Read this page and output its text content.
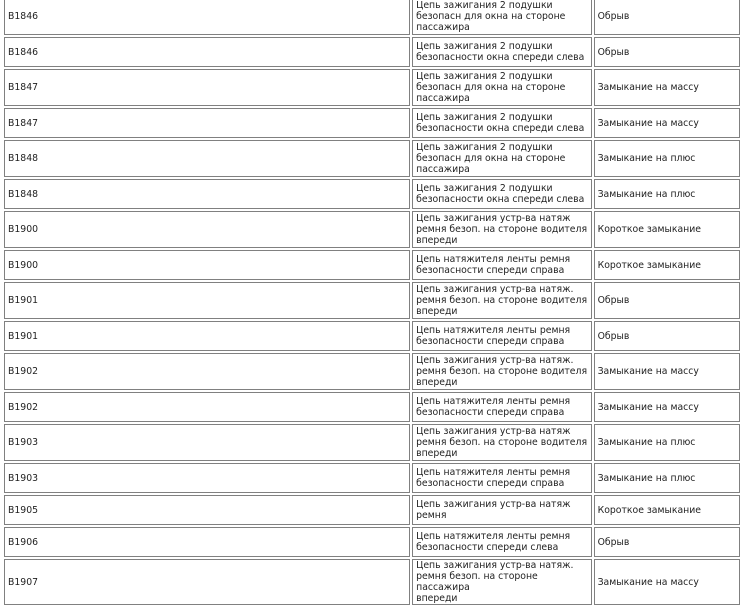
B1846	Цепь зажигания 2 подушки
безопасн для окна на стороне
пассажира	Обрыв
B1846	Цепь зажигания 2 подушки
безопасности окна спереди слева	Обрыв
B1847	Цепь зажигания 2 подушки
безопасн для окна на стороне
пассажира	Замыкание на массу
B1847	Цепь зажигания 2 подушки
безопасности окна спереди слева	Замыкание на массу
B1848	Цепь зажигания 2 подушки
безопасн для окна на стороне
пассажира	Замыкание на плюс
B1848	Цепь зажигания 2 подушки
безопасности окна спереди слева	Замыкание на плюс
B1900	Цепь зажигания устр-ва натяж
ремня безоп. на стороне водителя
впереди	Короткое замыкание
B1900	Цепь натяжителя ленты ремня
безопасности спереди справа	Короткое замыкание
B1901	Цепь зажигания устр-ва натяж.
ремня безоп. на стороне водителя
впереди	Обрыв
B1901	Цепь натяжителя ленты ремня
безопасности спереди справа	Обрыв
B1902	Цепь зажигания устр-ва натяж.
ремня безоп. на стороне водителя
впереди	Замыкание на массу
B1902	Цепь натяжителя ленты ремня
безопасности спереди справа	Замыкание на массу
B1903	Цепь зажигания устр-ва натяж
ремня безоп. на стороне водителя
впереди	Замыкание на плюс
B1903	Цепь натяжителя ленты ремня
безопасности спереди справа	Замыкание на плюс
B1905	Цепь зажигания устр-ва натяж
ремня	Короткое замыкание
B1906	Цепь натяжителя ленты ремня
безопасности спереди слева	Обрыв
B1907	Цепь зажигания устр-ва натяж.
ремня безоп. на стороне пассажира
впереди	Замыкание на массу
